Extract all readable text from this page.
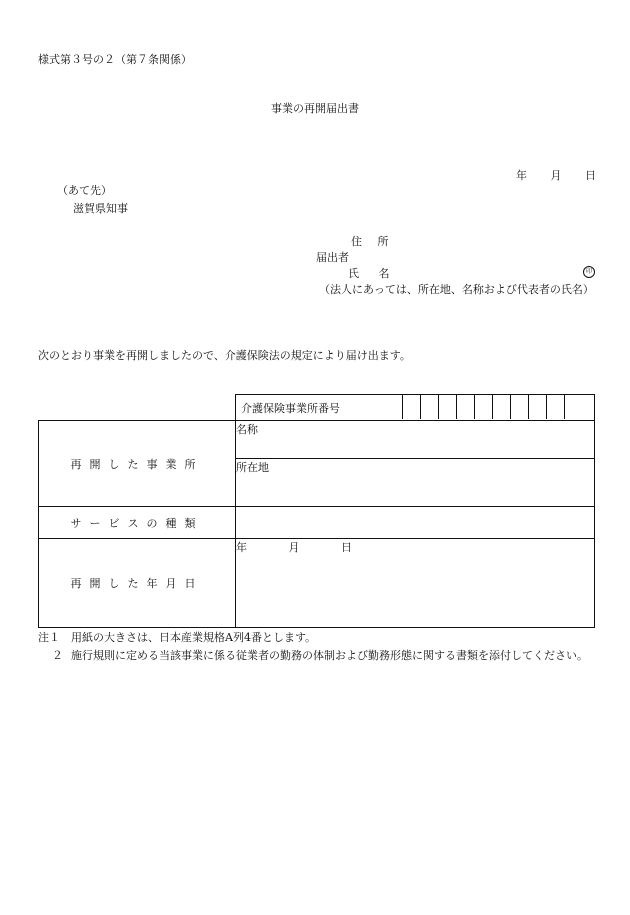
様式第３号の２（第７条関係）
事業の再開届出書
年 月 日
（あて先）
滋賀県知事
住 所
届出者
氏 名	印
（法人にあっては、所在地、名称および代表者の氏名）
次のとおり事業を再開しましたので、介護保険法の規定により届け出ます。

	介護保険事業所番号

再開した事業所	名称
	所在地
サービスの種類	
再開した年月日	年 月 日
注１ 用紙の大きさは、日本産業規格A列4番とします。
２ 施行規則に定める当該事業に係る従業者の勤務の体制および勤務形態に関する書類を添付してください。
